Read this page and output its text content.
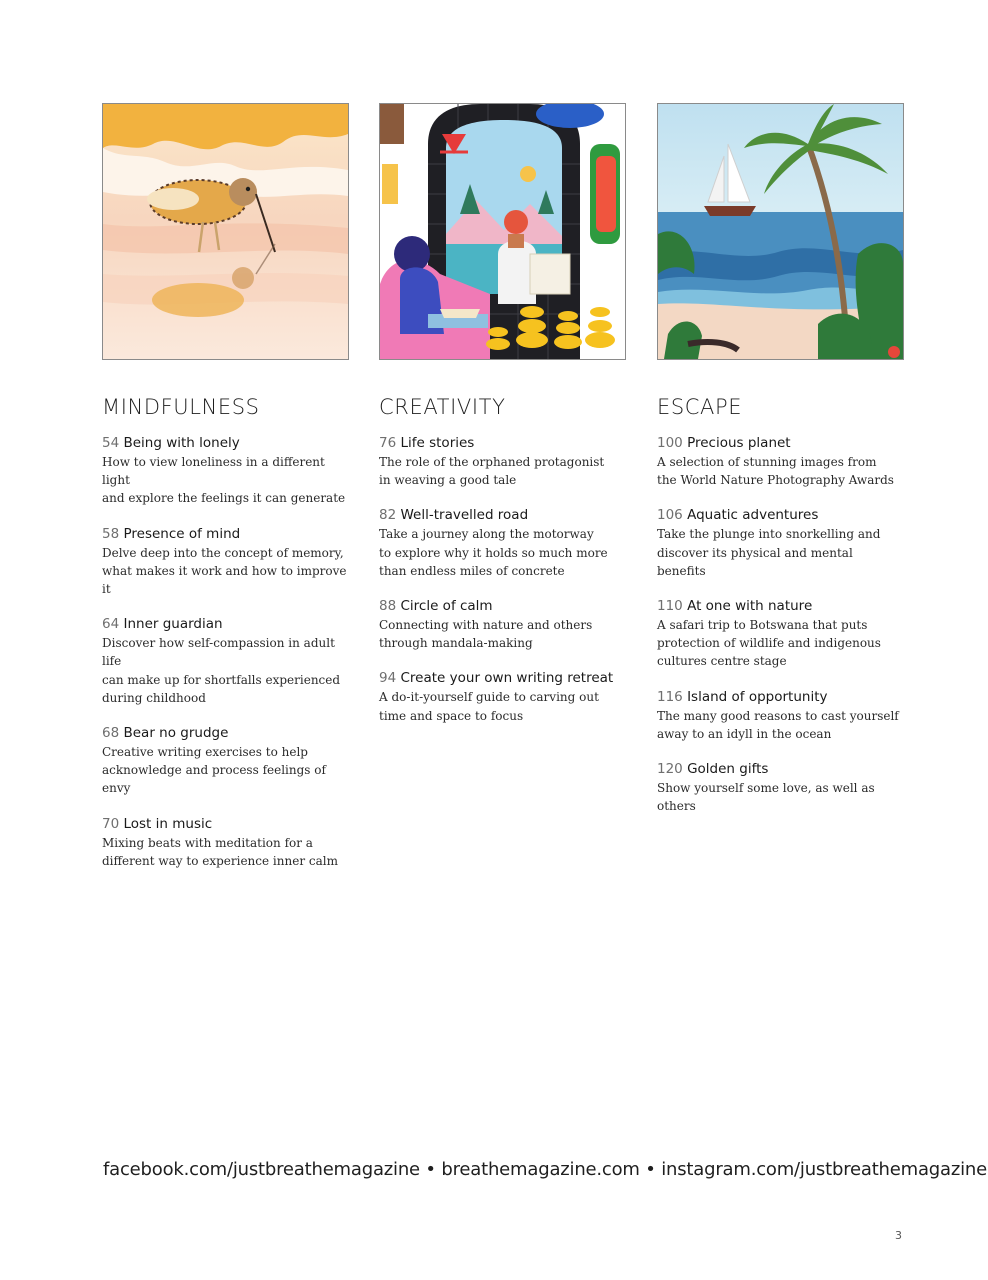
MINDFULNESS
54 Being with lonely
How to view loneliness in a different light
and explore the feelings it can generate
58 Presence of mind
Delve deep into the concept of memory,
what makes it work and how to improve it
64 Inner guardian
Discover how self-compassion in adult life
can make up for shortfalls experienced
during childhood
68 Bear no grudge
Creative writing exercises to help
acknowledge and process feelings of envy
70 Lost in music
Mixing beats with meditation for a
different way to experience inner calm
CREATIVITY
76 Life stories
The role of the orphaned protagonist
in weaving a good tale
82 Well-travelled road
Take a journey along the motorway
to explore why it holds so much more
than endless miles of concrete
88 Circle of calm
Connecting with nature and others
through mandala-making
94 Create your own writing retreat
A do-it-yourself guide to carving out
time and space to focus
ESCAPE
100 Precious planet
A selection of stunning images from
the World Nature Photography Awards
106 Aquatic adventures
Take the plunge into snorkelling and
discover its physical and mental benefits
110 At one with nature
A safari trip to Botswana that puts
protection of wildlife and indigenous
cultures centre stage
116 Island of opportunity
The many good reasons to cast yourself
away to an idyll in the ocean
120 Golden gifts
Show yourself some love, as well as others
facebook.com/justbreathemagazine • breathemagazine.com • instagram.com/justbreathemagazine
3
